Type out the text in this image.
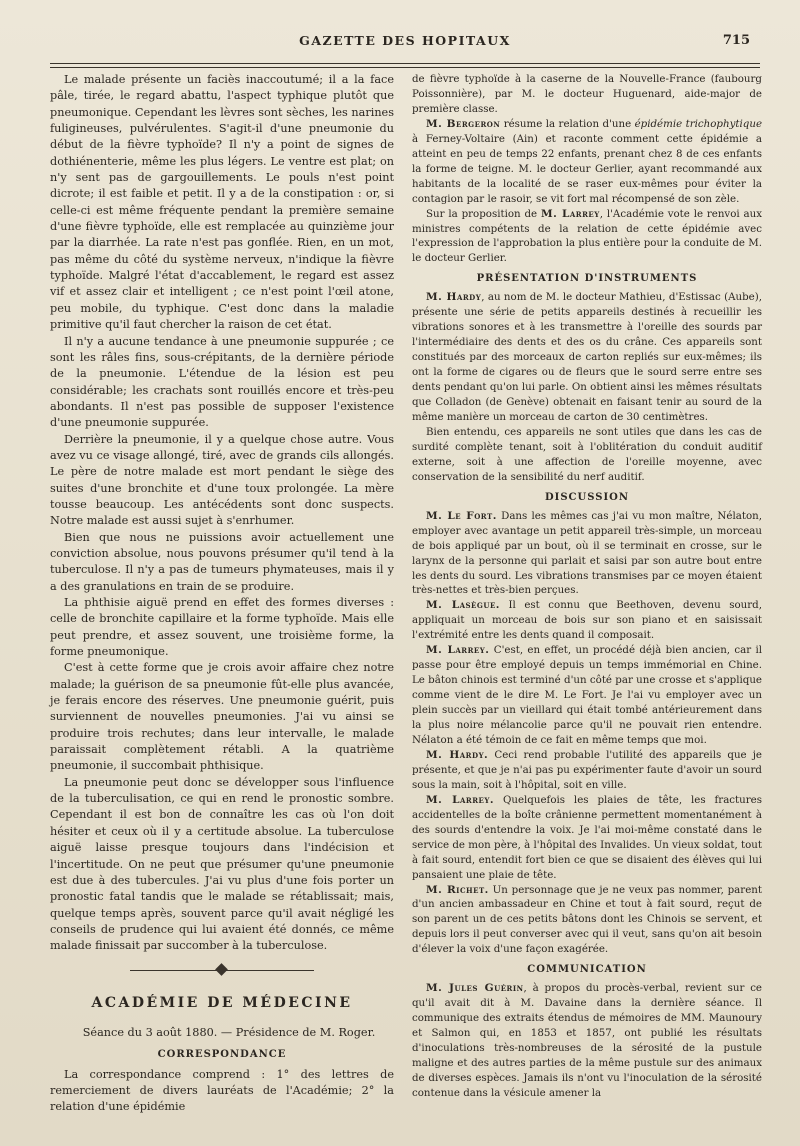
GAZETTE DES HOPITAUX	715

Le malade présente un faciès inaccoutumé; il a la face pâle, tirée, le regard abattu, l'aspect typhique plutôt que pneumonique. Cependant les lèvres sont sèches, les narines fuligineuses, pulvérulentes. S'agit-il d'une pneumonie du début de la fièvre typhoïde? Il n'y a point de signes de dothiénenterie, même les plus légers. Le ventre est plat; on n'y sent pas de gargouillements. Le pouls n'est point dicrote; il est faible et petit. Il y a de la constipation : or, si celle-ci est même fréquente pendant la première semaine d'une fièvre typhoïde, elle est remplacée au quinzième jour par la diarrhée. La rate n'est pas gonflée. Rien, en un mot, pas même du côté du système nerveux, n'indique la fièvre typhoïde. Malgré l'état d'accablement, le regard est assez vif et assez clair et intelligent ; ce n'est point l'œil atone, peu mobile, du typhique. C'est donc dans la maladie primitive qu'il faut chercher la raison de cet état.

Il n'y a aucune tendance à une pneumonie suppurée ; ce sont les râles fins, sous-crépitants, de la dernière période de la pneumonie. L'étendue de la lésion est peu considérable; les crachats sont rouillés encore et très-peu abondants. Il n'est pas possible de supposer l'existence d'une pneumonie suppurée.

Derrière la pneumonie, il y a quelque chose autre. Vous avez vu ce visage allongé, tiré, avec de grands cils allongés. Le père de notre malade est mort pendant le siège des suites d'une bronchite et d'une toux prolongée. La mère tousse beaucoup. Les antécédents sont donc suspects. Notre malade est aussi sujet à s'enrhumer.

Bien que nous ne puissions avoir actuellement une conviction absolue, nous pouvons présumer qu'il tend à la tuberculose. Il n'y a pas de tumeurs phymateuses, mais il y a des granulations en train de se produire.

La phthisie aiguë prend en effet des formes diverses : celle de bronchite capillaire et la forme typhoïde. Mais elle peut prendre, et assez souvent, une troisième forme, la forme pneumonique.

C'est à cette forme que je crois avoir affaire chez notre malade; la guérison de sa pneumonie fût-elle plus avancée, je ferais encore des réserves. Une pneumonie guérit, puis surviennent de nouvelles pneumonies. J'ai vu ainsi se produire trois rechutes; dans leur intervalle, le malade paraissait complètement rétabli. A la quatrième pneumonie, il succombait phthisique.

La pneumonie peut donc se développer sous l'influence de la tuberculisation, ce qui en rend le pronostic sombre. Cependant il est bon de connaître les cas où l'on doit hésiter et ceux où il y a certitude absolue. La tuberculose aiguë laisse presque toujours dans l'indécision et l'incertitude. On ne peut que présumer qu'une pneumonie est due à des tubercules. J'ai vu plus d'une fois porter un pronostic fatal tandis que le malade se rétablissait; mais, quelque temps après, souvent parce qu'il avait négligé les conseils de prudence qui lui avaient été donnés, ce même malade finissait par succomber à la tuberculose.

ACADÉMIE DE MÉDECINE

Séance du 3 août 1880. — Présidence de M. Roger.

CORRESPONDANCE

La correspondance comprend : 1° des lettres de remerciement de divers lauréats de l'Académie; 2° la relation d'une épidémie

de fièvre typhoïde à la caserne de la Nouvelle-France (faubourg Poissonnière), par M. le docteur Huguenard, aide-major de première classe.

M. Bergeron résume la relation d'une épidémie trichophytique à Ferney-Voltaire (Ain) et raconte comment cette épidémie a atteint en peu de temps 22 enfants, prenant chez 8 de ces enfants la forme de teigne. M. le docteur Gerlier, ayant recommandé aux habitants de la localité de se raser eux-mêmes pour éviter la contagion par le rasoir, se vit fort mal récompensé de son zèle.

Sur la proposition de M. Larrey, l'Académie vote le renvoi aux ministres compétents de la relation de cette épidémie avec l'expression de l'approbation la plus entière pour la conduite de M. le docteur Gerlier.

PRÉSENTATION D'INSTRUMENTS

M. Hardy, au nom de M. le docteur Mathieu, d'Estissac (Aube), présente une série de petits appareils destinés à recueillir les vibrations sonores et à les transmettre à l'oreille des sourds par l'intermédiaire des dents et des os du crâne. Ces appareils sont constitués par des morceaux de carton repliés sur eux-mêmes; ils ont la forme de cigares ou de fleurs que le sourd serre entre ses dents pendant qu'on lui parle. On obtient ainsi les mêmes résultats que Colladon (de Genève) obtenait en faisant tenir au sourd de la même manière un morceau de carton de 30 centimètres.

Bien entendu, ces appareils ne sont utiles que dans les cas de surdité complète tenant, soit à l'oblitération du conduit auditif externe, soit à une affection de l'oreille moyenne, avec conservation de la sensibilité du nerf auditif.

DISCUSSION

M. Le Fort. Dans les mêmes cas j'ai vu mon maître, Nélaton, employer avec avantage un petit appareil très-simple, un morceau de bois appliqué par un bout, où il se terminait en crosse, sur le larynx de la personne qui parlait et saisi par son autre bout entre les dents du sourd. Les vibrations transmises par ce moyen étaient très-nettes et très-bien perçues.

M. Lasègue. Il est connu que Beethoven, devenu sourd, appliquait un morceau de bois sur son piano et en saisissait l'extrémité entre les dents quand il composait.

M. Larrey. C'est, en effet, un procédé déjà bien ancien, car il passe pour être employé depuis un temps immémorial en Chine. Le bâton chinois est terminé d'un côté par une crosse et s'applique comme vient de le dire M. Le Fort. Je l'ai vu employer avec un plein succès par un vieillard qui était tombé antérieurement dans la plus noire mélancolie parce qu'il ne pouvait rien entendre. Nélaton a été témoin de ce fait en même temps que moi.

M. Hardy. Ceci rend probable l'utilité des appareils que je présente, et que je n'ai pas pu expérimenter faute d'avoir un sourd sous la main, soit à l'hôpital, soit en ville.

M. Larrey. Quelquefois les plaies de tête, les fractures accidentelles de la boîte crânienne permettent momentanément à des sourds d'entendre la voix. Je l'ai moi-même constaté dans le service de mon père, à l'hôpital des Invalides. Un vieux soldat, tout à fait sourd, entendit fort bien ce que se disaient des élèves qui lui pansaient une plaie de tête.

M. Richet. Un personnage que je ne veux pas nommer, parent d'un ancien ambassadeur en Chine et tout à fait sourd, reçut de son parent un de ces petits bâtons dont les Chinois se servent, et depuis lors il peut converser avec qui il veut, sans qu'on ait besoin d'élever la voix d'une façon exagérée.

COMMUNICATION

M. Jules Guérin, à propos du procès-verbal, revient sur ce qu'il avait dit à M. Davaine dans la dernière séance. Il communique des extraits étendus de mémoires de MM. Maunoury et Salmon qui, en 1853 et 1857, ont publié les résultats d'inoculations très-nombreuses de la sérosité de la pustule maligne et des autres parties de la même pustule sur des animaux de diverses espèces. Jamais ils n'ont vu l'inoculation de la sérosité contenue dans la vésicule amener la
